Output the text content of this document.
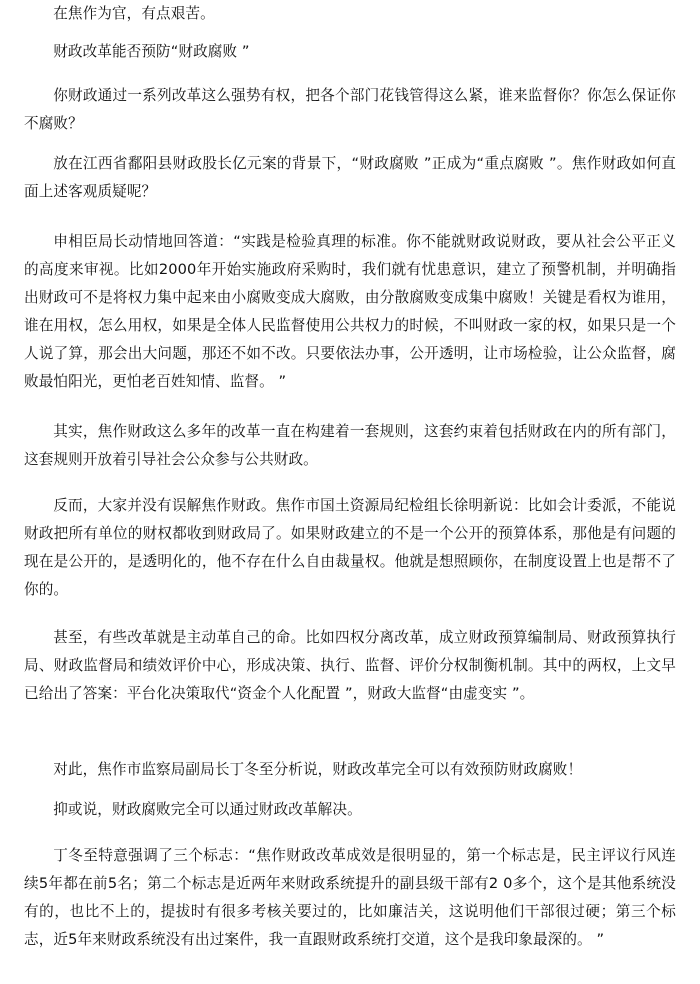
在焦作为官，有点艰苦。

财政改革能否预防“财政腐败 ”

你财政通过一系列改革这么强势有权，把各个部门花钱管得这么紧，谁来监督你？你怎么保证你不腐败？

放在江西省鄱阳县财政股长亿元案的背景下，“财政腐败 ”正成为“重点腐败 ”。焦作财政如何直面上述客观质疑呢？

申相臣局长动情地回答道：“实践是检验真理的标准。你不能就财政说财政，要从社会公平正义的高度来审视。比如2000年开始实施政府采购时，我们就有忧患意识，建立了预警机制，并明确指出财政可不是将权力集中起来由小腐败变成大腐败，由分散腐败变成集中腐败！关键是看权为谁用，谁在用权，怎么用权，如果是全体人民监督使用公共权力的时候，不叫财政一家的权，如果只是一个人说了算，那会出大问题，那还不如不改。只要依法办事，公开透明，让市场检验，让公众监督，腐败最怕阳光，更怕老百姓知情、监督。 ”

其实，焦作财政这么多年的改革一直在构建着一套规则，这套约束着包括财政在内的所有部门，这套规则开放着引导社会公众参与公共财政。

反而，大家并没有误解焦作财政。焦作市国土资源局纪检组长徐明新说：比如会计委派，不能说财政把所有单位的财权都收到财政局了。如果财政建立的不是一个公开的预算体系，那他是有问题的现在是公开的，是透明化的，他不存在什么自由裁量权。他就是想照顾你，在制度设置上也是帮不了你的。

甚至，有些改革就是主动革自己的命。比如四权分离改革，成立财政预算编制局、财政预算执行局、财政监督局和绩效评价中心，形成决策、执行、监督、评价分权制衡机制。其中的两权，上文早已给出了答案：平台化决策取代“资金个人化配置 ”，财政大监督“由虚变实 ”。

对此，焦作市监察局副局长丁冬至分析说，财政改革完全可以有效预防财政腐败！

抑或说，财政腐败完全可以通过财政改革解决。

丁冬至特意强调了三个标志：“焦作财政改革成效是很明显的，第一个标志是，民主评议行风连续5年都在前5名；第二个标志是近两年来财政系统提升的副县级干部有2 0多个，这个是其他系统没有的，也比不上的，提拔时有很多考核关要过的，比如廉洁关，这说明他们干部很过硬；第三个标志，近5年来财政系统没有出过案件，我一直跟财政系统打交道，这个是我印象最深的。 ”
